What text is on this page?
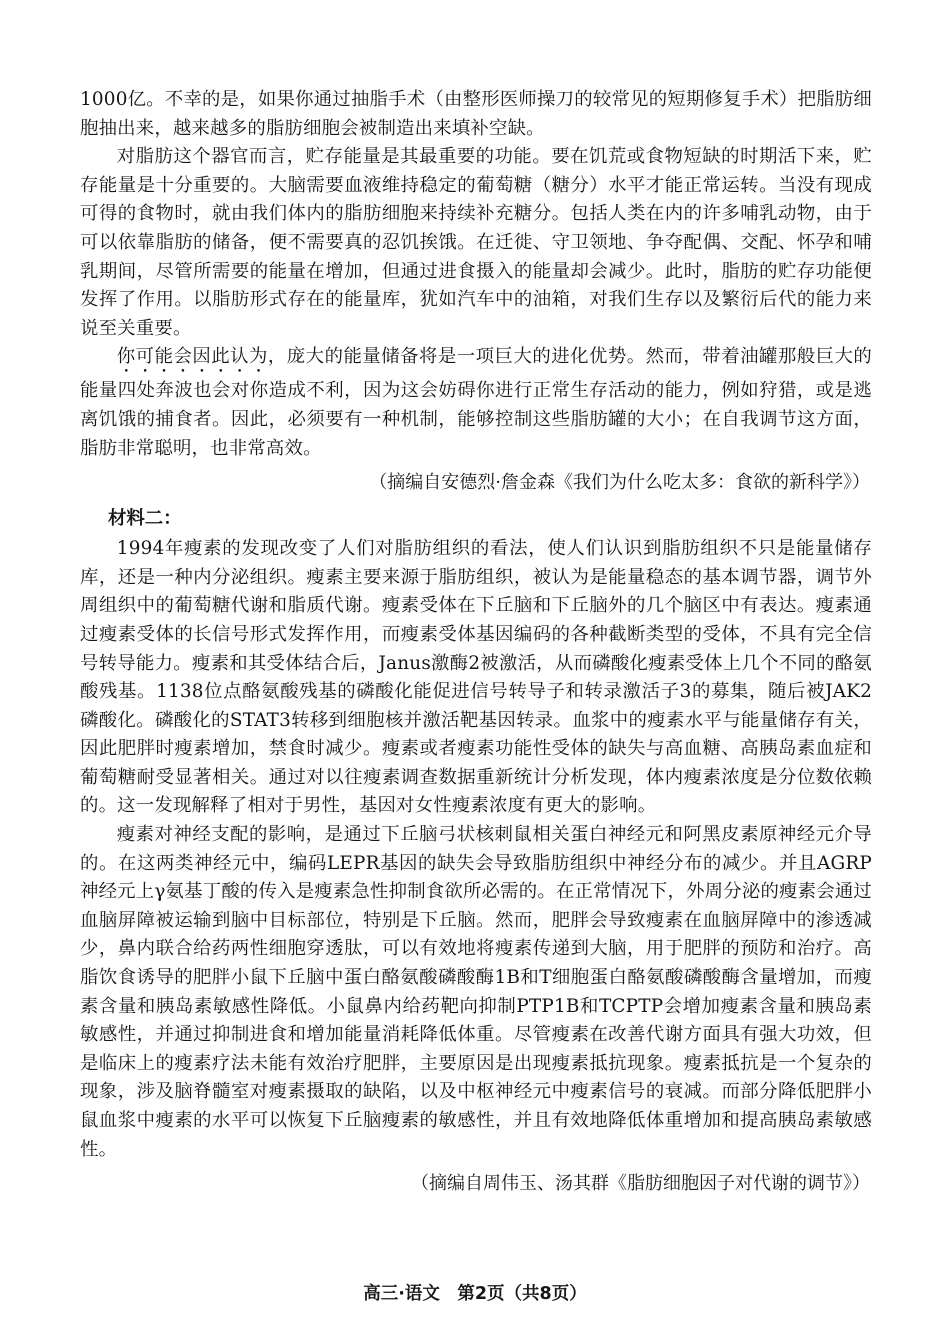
1000亿。不幸的是，如果你通过抽脂手术（由整形医师操刀的较常见的短期修复手术）把脂肪细胞抽出来，越来越多的脂肪细胞会被制造出来填补空缺。

对脂肪这个器官而言，贮存能量是其最重要的功能。要在饥荒或食物短缺的时期活下来，贮存能量是十分重要的。大脑需要血液维持稳定的葡萄糖（糖分）水平才能正常运转。当没有现成可得的食物时，就由我们体内的脂肪细胞来持续补充糖分。包括人类在内的许多哺乳动物，由于可以依靠脂肪的储备，便不需要真的忍饥挨饿。在迁徙、守卫领地、争夺配偶、交配、怀孕和哺乳期间，尽管所需要的能量在增加，但通过进食摄入的能量却会减少。此时，脂肪的贮存功能便发挥了作用。以脂肪形式存在的能量库，犹如汽车中的油箱，对我们生存以及繁衍后代的能力来说至关重要。

你可能会因此认为，庞大的能量储备将是一项巨大的进化优势。然而，带着油罐那般巨大的能量四处奔波也会对你造成不利，因为这会妨碍你进行正常生存活动的能力，例如狩猎，或是逃离饥饿的捕食者。因此，必须要有一种机制，能够控制这些脂肪罐的大小；在自我调节这方面，脂肪非常聪明，也非常高效。

（摘编自安德烈·詹金森《我们为什么吃太多：食欲的新科学》）

材料二：

1994年瘦素的发现改变了人们对脂肪组织的看法，使人们认识到脂肪组织不只是能量储存库，还是一种内分泌组织。瘦素主要来源于脂肪组织，被认为是能量稳态的基本调节器，调节外周组织中的葡萄糖代谢和脂质代谢。瘦素受体在下丘脑和下丘脑外的几个脑区中有表达。瘦素通过瘦素受体的长信号形式发挥作用，而瘦素受体基因编码的各种截断类型的受体，不具有完全信号转导能力。瘦素和其受体结合后，Janus激酶2被激活，从而磷酸化瘦素受体上几个不同的酪氨酸残基。1138位点酪氨酸残基的磷酸化能促进信号转导子和转录激活子3的募集，随后被JAK2磷酸化。磷酸化的STAT3转移到细胞核并激活靶基因转录。血浆中的瘦素水平与能量储存有关，因此肥胖时瘦素增加，禁食时减少。瘦素或者瘦素功能性受体的缺失与高血糖、高胰岛素血症和葡萄糖耐受显著相关。通过对以往瘦素调查数据重新统计分析发现，体内瘦素浓度是分位数依赖的。这一发现解释了相对于男性，基因对女性瘦素浓度有更大的影响。

瘦素对神经支配的影响，是通过下丘脑弓状核刺鼠相关蛋白神经元和阿黑皮素原神经元介导的。在这两类神经元中，编码LEPR基因的缺失会导致脂肪组织中神经分布的减少。并且AGRP神经元上γ氨基丁酸的传入是瘦素急性抑制食欲所必需的。在正常情况下，外周分泌的瘦素会通过血脑屏障被运输到脑中目标部位，特别是下丘脑。然而，肥胖会导致瘦素在血脑屏障中的渗透减少，鼻内联合给药两性细胞穿透肽，可以有效地将瘦素传递到大脑，用于肥胖的预防和治疗。高脂饮食诱导的肥胖小鼠下丘脑中蛋白酪氨酸磷酸酶1B和T细胞蛋白酪氨酸磷酸酶含量增加，而瘦素含量和胰岛素敏感性降低。小鼠鼻内给药靶向抑制PTP1B和TCPTP会增加瘦素含量和胰岛素敏感性，并通过抑制进食和增加能量消耗降低体重。尽管瘦素在改善代谢方面具有强大功效，但是临床上的瘦素疗法未能有效治疗肥胖，主要原因是出现瘦素抵抗现象。瘦素抵抗是一个复杂的现象，涉及脑脊髓室对瘦素摄取的缺陷，以及中枢神经元中瘦素信号的衰减。而部分降低肥胖小鼠血浆中瘦素的水平可以恢复下丘脑瘦素的敏感性，并且有效地降低体重增加和提高胰岛素敏感性。

（摘编自周伟玉、汤其群《脂肪细胞因子对代谢的调节》）

高三·语文　第2页（共8页）
